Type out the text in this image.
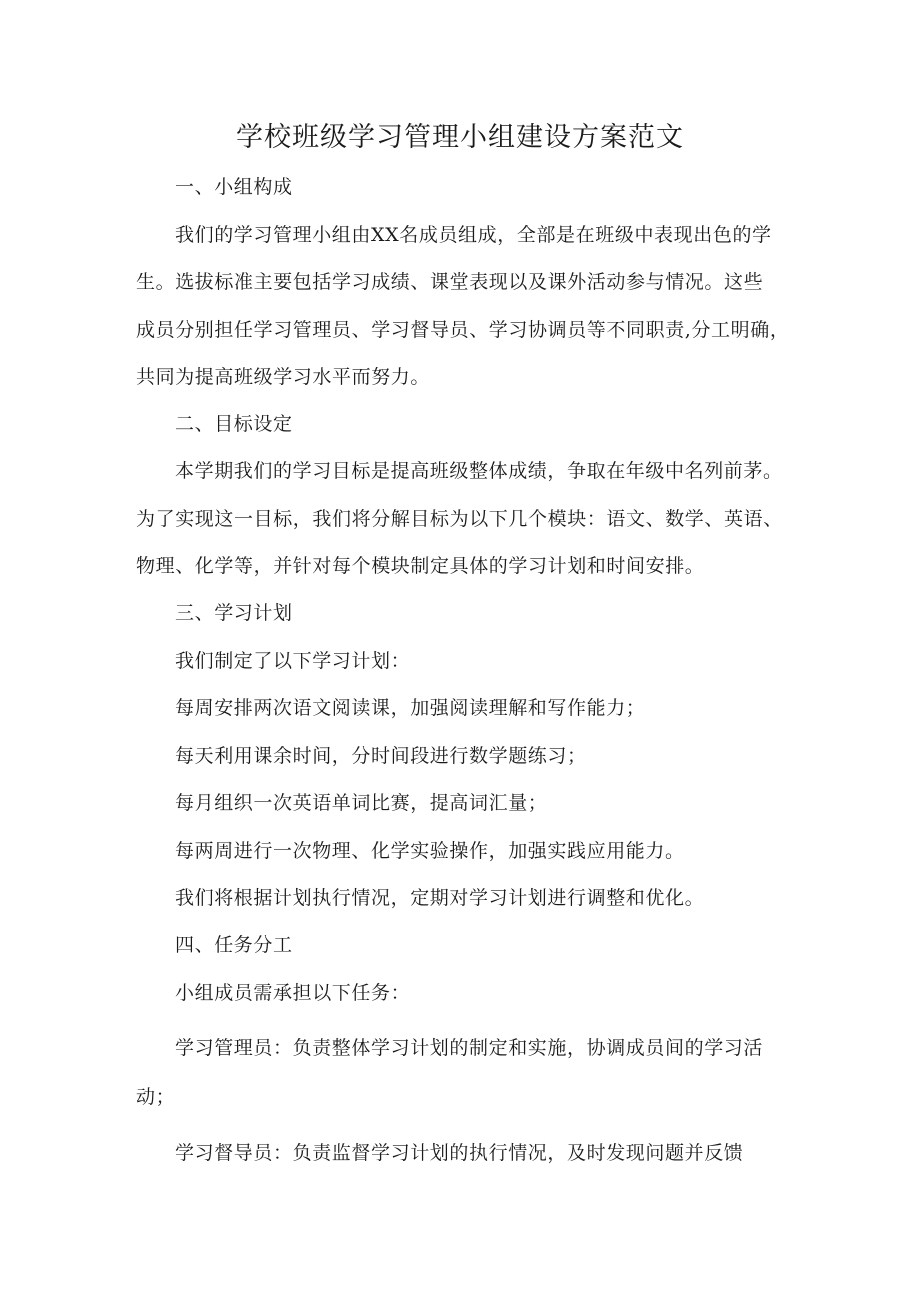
学校班级学习管理小组建设方案范文
一、小组构成
我们的学习管理小组由XX名成员组成，全部是在班级中表现出色的学
生。选拔标准主要包括学习成绩、课堂表现以及课外活动参与情况。这些
成员分别担任学习管理员、学习督导员、学习协调员等不同职责,分工明确，
共同为提高班级学习水平而努力。
二、目标设定
本学期我们的学习目标是提高班级整体成绩，争取在年级中名列前茅。
为了实现这一目标，我们将分解目标为以下几个模块：语文、数学、英语、
物理、化学等，并针对每个模块制定具体的学习计划和时间安排。
三、学习计划
我们制定了以下学习计划：
每周安排两次语文阅读课，加强阅读理解和写作能力；
每天利用课余时间，分时间段进行数学题练习；
每月组织一次英语单词比赛，提高词汇量；
每两周进行一次物理、化学实验操作，加强实践应用能力。
我们将根据计划执行情况，定期对学习计划进行调整和优化。
四、任务分工
小组成员需承担以下任务：
学习管理员：负责整体学习计划的制定和实施，协调成员间的学习活
动；
学习督导员：负责监督学习计划的执行情况，及时发现问题并反馈
